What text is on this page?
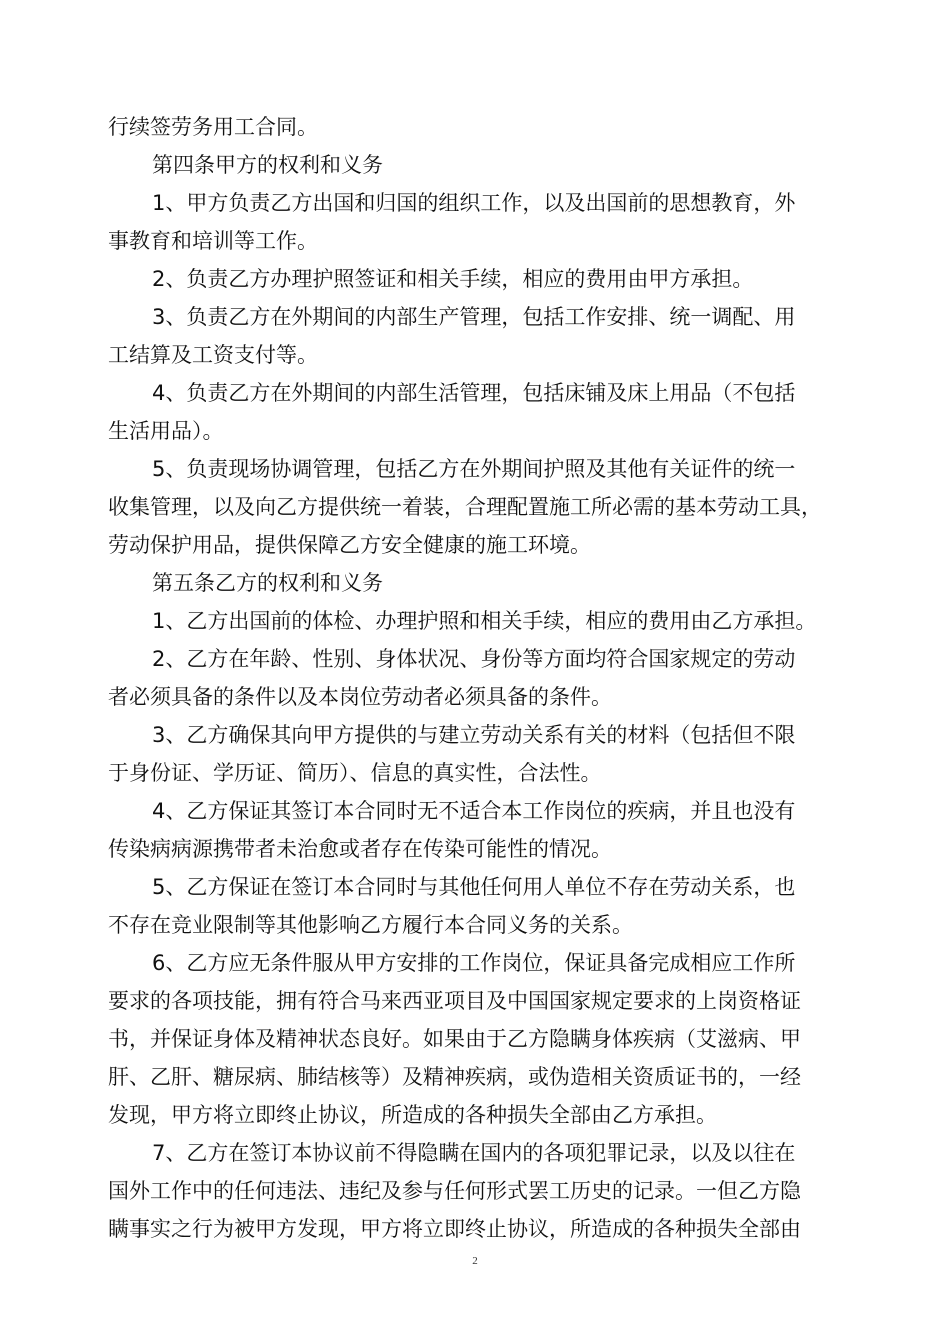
行续签劳务用工合同。
第四条甲方的权利和义务
1、甲方负责乙方出国和归国的组织工作，以及出国前的思想教育，外
事教育和培训等工作。
2、负责乙方办理护照签证和相关手续，相应的费用由甲方承担。
3、负责乙方在外期间的内部生产管理，包括工作安排、统一调配、用
工结算及工资支付等。
4、负责乙方在外期间的内部生活管理，包括床铺及床上用品（不包括
生活用品）。
5、负责现场协调管理，包括乙方在外期间护照及其他有关证件的统一
收集管理，以及向乙方提供统一着装，合理配置施工所必需的基本劳动工具，
劳动保护用品，提供保障乙方安全健康的施工环境。
第五条乙方的权利和义务
1、乙方出国前的体检、办理护照和相关手续，相应的费用由乙方承担。
2、乙方在年龄、性别、身体状况、身份等方面均符合国家规定的劳动
者必须具备的条件以及本岗位劳动者必须具备的条件。
3、乙方确保其向甲方提供的与建立劳动关系有关的材料（包括但不限
于身份证、学历证、简历）、信息的真实性，合法性。
4、乙方保证其签订本合同时无不适合本工作岗位的疾病，并且也没有
传染病病源携带者未治愈或者存在传染可能性的情况。
5、乙方保证在签订本合同时与其他任何用人单位不存在劳动关系，也
不存在竞业限制等其他影响乙方履行本合同义务的关系。
6、乙方应无条件服从甲方安排的工作岗位，保证具备完成相应工作所
要求的各项技能，拥有符合马来西亚项目及中国国家规定要求的上岗资格证
书，并保证身体及精神状态良好。如果由于乙方隐瞒身体疾病（艾滋病、甲
肝、乙肝、糖尿病、肺结核等）及精神疾病，或伪造相关资质证书的，一经
发现，甲方将立即终止协议，所造成的各种损失全部由乙方承担。
7、乙方在签订本协议前不得隐瞒在国内的各项犯罪记录，以及以往在
国外工作中的任何违法、违纪及参与任何形式罢工历史的记录。一但乙方隐
瞒事实之行为被甲方发现，甲方将立即终止协议，所造成的各种损失全部由
2
